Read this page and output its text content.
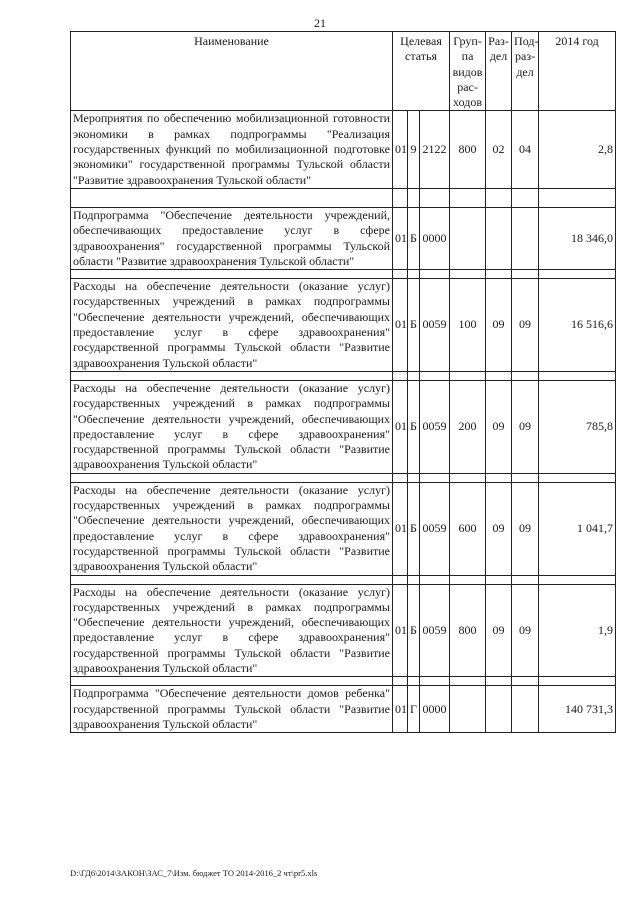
21
Наименование	Целевая статья			Груп-па видов рас-ходов	Раз-дел	Под-раз-дел	2014 год
Мероприятия по обеспечению мобилизационной готовности экономики в рамках подпрограммы "Реализация государственных функций по мобилизационной подготовке экономики" государственной программы Тульской области "Развитие здравоохранения Тульской области"	01	9	2122	800	02	04	2,8

Подпрограмма "Обеспечение деятельности учреждений, обеспечивающих предоставление услуг в сфере здравоохранения" государственной программы Тульской области "Развитие здравоохранения Тульской области"	01	Б	0000				18 346,0

Расходы на обеспечение деятельности (оказание услуг) государственных учреждений в рамках подпрограммы "Обеспечение деятельности учреждений, обеспечивающих предоставление услуг в сфере здравоохранения" государственной программы Тульской области "Развитие здравоохранения Тульской области"	01	Б	0059	100	09	09	16 516,6

Расходы на обеспечение деятельности (оказание услуг) государственных учреждений в рамках подпрограммы "Обеспечение деятельности учреждений, обеспечивающих предоставление услуг в сфере здравоохранения" государственной программы Тульской области "Развитие здравоохранения Тульской области"	01	Б	0059	200	09	09	785,8

Расходы на обеспечение деятельности (оказание услуг) государственных учреждений в рамках подпрограммы "Обеспечение деятельности учреждений, обеспечивающих предоставление услуг в сфере здравоохранения" государственной программы Тульской области "Развитие здравоохранения Тульской области"	01	Б	0059	600	09	09	1 041,7

Расходы на обеспечение деятельности (оказание услуг) государственных учреждений в рамках подпрограммы "Обеспечение деятельности учреждений, обеспечивающих предоставление услуг в сфере здравоохранения" государственной программы Тульской области "Развитие здравоохранения Тульской области"	01	Б	0059	800	09	09	1,9

Подпрограмма "Обеспечение деятельности домов ребенка" государственной программы Тульской области "Развитие здравоохранения Тульской области"	01	Г	0000				140 731,3
D:\ГД6\2014\ЗАКОН\ЗАС_7\Изм. бюджет ТО 2014-2016_2 чт\pr5.xls
